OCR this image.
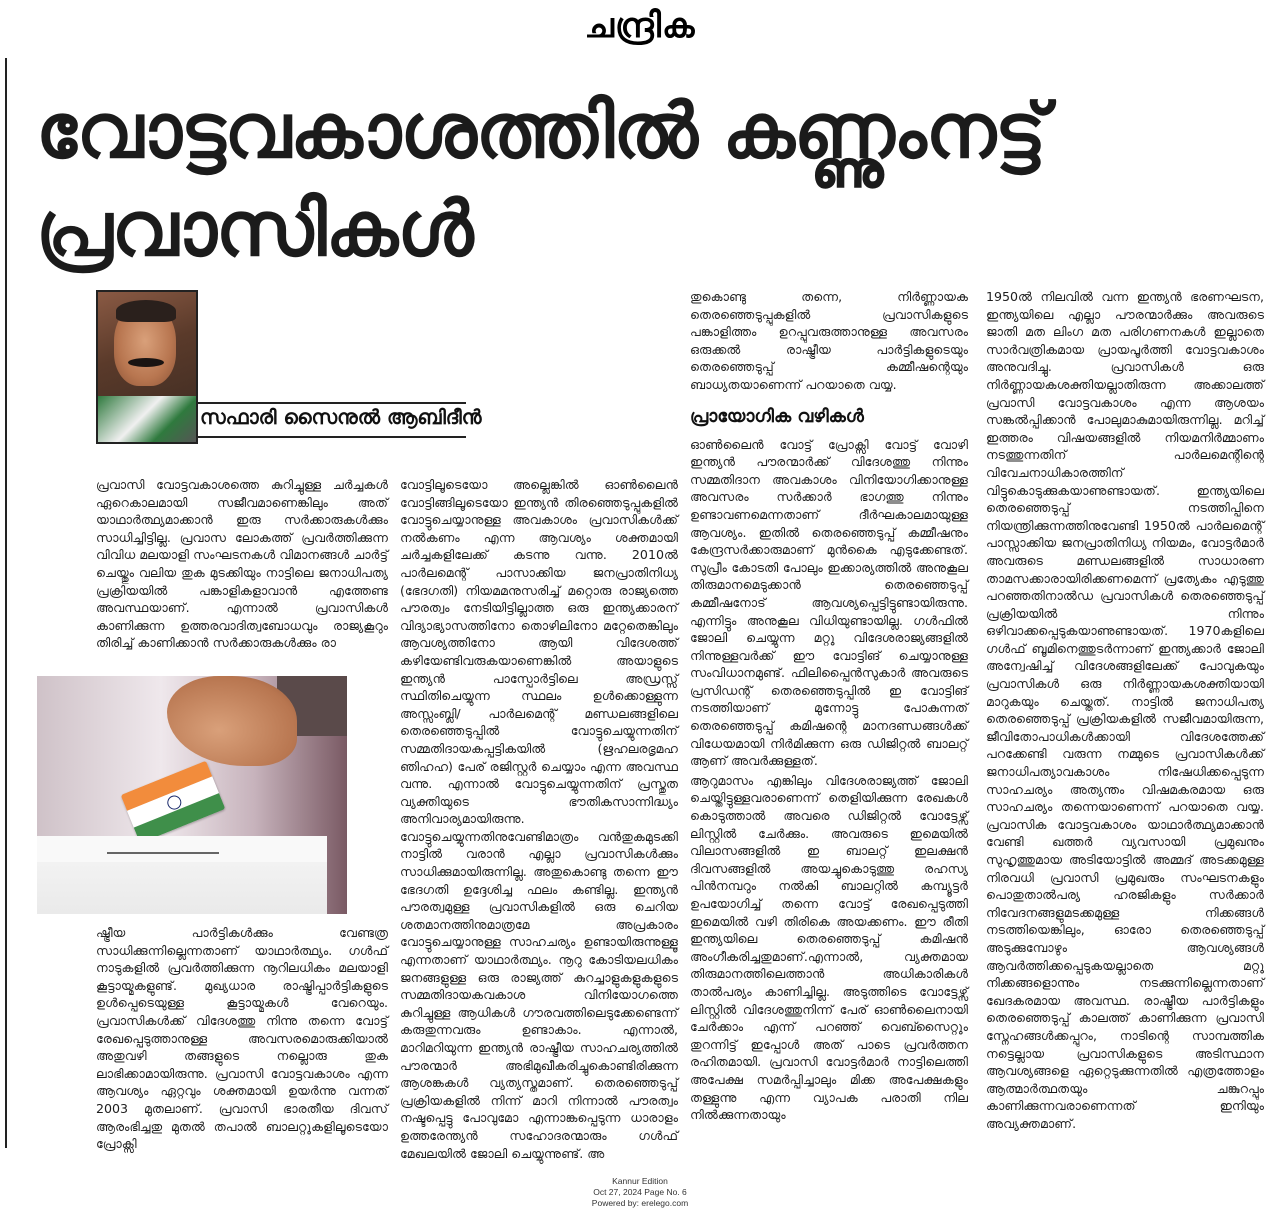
ചന്ദ്രിക
വോട്ടവകാശത്തിൽ കണ്ണുംനട്ട്
പ്രവാസികൾ
സഫാരി സൈനുൽ ആബിദീൻ

പ്രവാസി വോട്ടവകാശത്തെ കുറിച്ചുള്ള ചർച്ചകൾ ഏറെകാലമായി സജീവമാണെങ്കിലും അത് യാഥാർത്ഥ്യമാക്കാൻ ഇരു സർക്കാരുകൾക്കും സാധിച്ചിട്ടില്ല. പ്രവാസ ലോകത്ത് പ്രവർത്തിക്കുന്ന വിവിധ മലയാളി സംഘടനകൾ വിമാനങ്ങൾ ചാർട്ട് ചെയ്തും വലിയ തുക മുടക്കിയും നാട്ടിലെ ജനാധിപത്യ പ്രക്രിയയിൽ പങ്കാളികളാവാൻ എത്തേണ്ട അവസ്ഥയാണ്. എന്നാൽ പ്രവാസികൾ കാണിക്കുന്ന ഉത്തരവാദിത്വബോധവും രാജ്യകൂറും തിരിച്ച് കാണിക്കാൻ സർക്കാരുകൾക്കും രാ

ഷ്ട്രീയ പാർട്ടികൾക്കും വേണ്ടത്ര സാധിക്കുന്നില്ലെന്നതാണ് യാഥാർത്ഥ്യം. ഗൾഫ് നാടുകളിൽ പ്രവർത്തിക്കുന്ന നൂറിലധികം മലയാളി കൂട്ടായ്മകളുണ്ട്. മുഖ്യധാര രാഷ്ട്രിപ്പാർട്ടികളുടെ ഉൾപ്പെടെയുള്ള കൂട്ടായ്മകൾ വേറെയും. പ്രവാസികൾക്ക് വിദേശത്തു നിന്നു തന്നെ വോട്ട് രേഖപ്പെടുത്താനുള്ള അവസരമൊരുക്കിയാൽ അതുവഴി തങ്ങളുടെ നല്ലൊരു തുക ലാഭിക്കാമായിരുന്നു. പ്രവാസി വോട്ടവകാശം എന്ന ആവശ്യം ഏറ്റവും ശക്തമായി ഉയർന്നു വന്നത് 2003 മുതലാണ്. പ്രവാസി ഭാരതീയ ദിവസ് ആരംഭിച്ചതു മുതൽ തപാൽ ബാലറ്റുകളിലൂടെയോ പ്രോക്സി

വോട്ടിലൂടെയോ അല്ലെങ്കിൽ ഓൺലൈൻ വോട്ടിങ്ങിലൂടെയോ ഇന്ത്യൻ തിരഞ്ഞെടുപ്പുകളിൽ വോട്ടുചെയ്യാനുള്ള അവകാശം പ്രവാസികൾക്ക് നൽകണം എന്ന ആവശ്യം ശക്തമായി ചർച്ചകളിലേക്ക് കടന്നു വന്നു. 2010ൽ പാർലമെന്റ് പാസാക്കിയ ജനപ്രാതിനിധ്യ (ഭേദഗതി) നിയമമനുസരിച്ച് മറ്റൊരു രാജ്യത്തെ പൗരത്വം നേടിയിട്ടില്ലാത്ത ഒരു ഇന്ത്യക്കാരന് വിദ്യാഭ്യാസത്തിനോ തൊഴിലിനോ മറ്റേതെങ്കിലും ആവശ്യത്തിനോ ആയി വിദേശത്ത് കഴിയേണ്ടിവരുകയാണെങ്കിൽ അയാളുടെ ഇന്ത്യൻ പാസ്പോർട്ടിലെ അഡ്രസ്സ് സ്ഥിതിചെയ്യുന്ന സ്ഥലം ഉൾക്കൊള്ളുന്ന അസ്സംബ്ലി/ പാർലമെന്റ് മണ്ഡലങ്ങളിലെ തെരഞ്ഞെടുപ്പിൽ വോട്ടുചെയ്യുന്നതിന് സമ്മതിദായകപ്പട്ടികയിൽ (ഋഹലരഭൃമഹ ഞിഹഹ) പേര് രജിസ്റ്റർ ചെയ്യാം എന്ന അവസ്ഥ വന്നു. എന്നാൽ വോട്ടുചെയ്യുന്നതിന് പ്രസ്തുത വ്യക്തിയുടെ ഭൗതികസാന്നിദ്ധ്യം അനിവാര്യമായിരുന്നു. വോട്ടുചെയ്യുന്നതിനുവേണ്ടിമാത്രം വൻതുകമുടക്കി നാട്ടിൽ വരാൻ എല്ലാ പ്രവാസികൾക്കും സാധിക്കുമായിരുന്നില്ല. അതുകൊണ്ടു തന്നെ ഈ ഭേദഗതി ഉദ്ദേശിച്ച ഫലം കണ്ടില്ല. ഇന്ത്യൻ പൗരത്വമുള്ള പ്രവാസികളിൽ ഒരു ചെറിയ ശതമാനത്തിനുമാത്രമേ അപ്രകാരം വോട്ടുചെയ്യാനുള്ള സാഹചര്യം ഉണ്ടായിരുന്നുള്ളൂ എന്നതാണ് യാഥാർത്ഥ്യം. നൂറു കോടിയലധികം ജനങ്ങളുള്ള ഒരു രാജ്യത്ത് കുറച്ചാളുകളുകളുടെ സമ്മതിദായകവകാശ വിനിയോഗത്തെ കുറിച്ചുള്ള ആധികൾ ഗൗരവത്തിലെടുക്കേണ്ടെന്ന് കരുതുന്നവരും ഉണ്ടാകാം. എന്നാൽ, മാറിമറിയുന്ന ഇന്ത്യൻ രാഷ്ട്രീയ സാഹചര്യത്തിൽ പൗരന്മാർ അഭിമുഖീകരിച്ചുകൊണ്ടിരിക്കുന്ന ആശങ്കകൾ വ്യത്യസ്തമാണ്. തെരഞ്ഞെടുപ്പ് പ്രക്രിയകളിൽ നിന്ന് മാറി നിന്നാൽ പൗരത്വം നഷ്ടപ്പെട്ടു പോവുമോ എന്നാങ്കപ്പെടുന്ന ധാരാളം ഉത്തരേന്ത്യൻ സഹോദരന്മാരും ഗൾഫ് മേഖലയിൽ ജോലി ചെയ്യുന്നുണ്ട്. അ

തുകൊണ്ടു തന്നെ, നിർണ്ണായക തെരഞ്ഞെടുപ്പുകളിൽ പ്രവാസികളുടെ പങ്കാളിത്തം ഉറപ്പുവരുത്താനുള്ള അവസരം ഒരുക്കൽ രാഷ്ട്രീയ പാർട്ടികളുടെയും തെരഞ്ഞെടുപ്പ് കമ്മീഷന്റെയും ബാധ്യതയാണെന്ന് പറയാതെ വയ്യ.

പ്രായോഗിക വഴികൾ

ഓൺലൈൻ വോട്ട് പ്രോക്സി വോട്ട് വോഴി ഇന്ത്യൻ പൗരന്മാർക്ക് വിദേശത്തു നിന്നും സമ്മതിദാന അവകാശം വിനിയോഗിക്കാനുള്ള അവസരം സർക്കാർ ഭാഗത്തു നിന്നും ഉണ്ടാവണമെന്നതാണ് ദീർഘകാലമായുള്ള ആവശ്യം. ഇതിൽ തെരഞ്ഞെടുപ്പ് കമ്മീഷനും കേന്ദ്രസർക്കാരുമാണ് മുൻകൈ എടുക്കേണ്ടത്. സുപ്രീം കോടതി പോലും ഇക്കാര്യത്തിൽ അനുകൂല തിരുമാനമെടുക്കാൻ തെരഞ്ഞെടുപ്പ് കമ്മീഷനോട് ആവശ്യപ്പെട്ടിട്ടുണ്ടായിരുന്നു. എന്നിട്ടും അനുകൂല വിധിയുണ്ടായില്ല. ഗൾഫിൽ ജോലി ചെയ്യുന്ന മറ്റു വിദേശരാജ്യങ്ങളിൽ നിന്നുള്ളവർക്ക് ഈ വോട്ടിങ് ചെയ്യാനുള്ള സംവിധാനമുണ്ട്. ഫിലിപ്പൈൻസുകാർ അവരുടെ പ്രസിഡന്റ് തെരഞ്ഞെടുപ്പിൽ ഇ വോട്ടിങ് നടത്തിയാണ് മുന്നോട്ടു പോകുന്നത് തെരഞ്ഞെടുപ്പ് കമിഷന്റെ മാനദണ്ഡങ്ങൾക്ക് വിധേയമായി നിർമിക്കുന്ന ഒരു ഡിജിറ്റൽ ബാലറ്റ് ആണ് അവർക്കുള്ളത്.

ആറുമാസം എങ്കിലും വിദേശരാജ്യത്ത് ജോലി ചെയ്തിട്ടുള്ളവരാണെന്ന് തെളിയിക്കുന്ന രേഖകൾ കൊടുത്താൽ അവരെ ഡിജിറ്റൽ വോട്ടേഴ്സ് ലിസ്റ്റിൽ ചേർക്കും. അവരുടെ ഇമെയിൽ വിലാസങ്ങളിൽ ഇ ബാലറ്റ് ഇലക്ഷൻ ദിവസങ്ങളിൽ അയച്ചുകൊടുത്തു രഹസ്യ പിൻനമ്പറും നൽകി ബാലറ്റിൽ കമ്പ്യൂട്ടർ ഉപയോഗിച്ച് തന്നെ വോട്ട് രേഖപ്പെടുത്തി ഇമെയിൽ വഴി തിരികെ അയക്കണം. ഈ രീതി ഇന്ത്യയിലെ തെരഞ്ഞെടുപ്പ് കമിഷൻ അംഗീകരിച്ചതുമാണ്.എന്നാൽ, വ്യക്തമായ തിരുമാനത്തിലെത്താൻ അധികാരികൾ താൽപര്യം കാണിച്ചില്ല. അടുത്തിടെ വോട്ടേഴ്സ് ലിസ്റ്റിൽ വിദേശത്തുനിന്ന് പേര് ഓൺലൈനായി ചേർക്കാം എന്ന് പറഞ്ഞ് വെബ്സൈറ്റും തുറന്നിട്ട് ഇപ്പോൾ അത് പാടെ പ്രവർത്തന രഹിതമായി. പ്രവാസി വോട്ടർമാർ നാട്ടിലെത്തി അപേക്ഷ സമർപ്പിച്ചാലും മിക്ക അപേക്ഷകളും തള്ളുന്നു എന്ന വ്യാപക പരാതി നില നിൽക്കുന്നതായും

1950ൽ നിലവിൽ വന്ന ഇന്ത്യൻ ഭരണഘടന, ഇന്ത്യയിലെ എല്ലാ പൗരന്മാർക്കും അവരുടെ ജാതി മത ലിംഗ മത പരിഗണനകൾ ഇല്ലാതെ സാർവത്രികമായ പ്രായപൂർത്തി വോട്ടവകാശം അനുവദിച്ചു. പ്രവാസികൾ ഒരു നിർണ്ണായകശക്തിയല്ലാതിരുന്ന അക്കാലത്ത് പ്രവാസി വോട്ടവകാശം എന്ന ആശയം സങ്കൽപ്പിക്കാൻ പോലുമാകുമായിരുന്നില്ല. മറിച്ച് ഇത്തരം വിഷയങ്ങളിൽ നിയമനിർമ്മാണം നടത്തുന്നതിന് പാർലമെന്റിന്റെ വിവേചനാധികാരത്തിന് വിട്ടുകൊടുക്കുകയാണുണ്ടായത്. ഇന്ത്യയിലെ തെരഞ്ഞെടുപ്പ് നടത്തിപ്പിനെ നിയന്ത്രിക്കുന്നത്തിനുവേണ്ടി 1950ൽ പാർലമെന്റ് പാസ്സാക്കിയ ജനപ്രാതിനിധ്യ നിയമം, വോട്ടർമാർ അവരുടെ മണ്ഡലങ്ങളിൽ സാധാരണ താമസക്കാരായിരിക്കണമെന്ന് പ്രത്യേകം എടുത്തു പറഞ്ഞതിനാൽഡ പ്രവാസികൾ തെരഞ്ഞെടുപ്പ് പ്രക്രിയയിൽ നിന്നും ഒഴിവാക്കപ്പെടുകയാണുണ്ടായത്. 1970കളിലെ ഗൾഫ് ബൂമിനെത്തുടർന്നാണ് ഇന്ത്യക്കാർ ജോലി അന്വേഷിച്ച് വിദേശങ്ങളിലേക്ക് പോവുകയും പ്രവാസികൾ ഒരു നിർണ്ണായകശക്തിയായി മാറുകയും ചെയ്തത്. നാട്ടിൽ ജനാധിപത്യ തെരഞ്ഞെടുപ്പ് പ്രക്രിയകളിൽ സജീവമായിരുന്ന, ജീവിതോപാധികൾക്കായി വിദേശത്തേക്ക് പറക്കേണ്ടി വരുന്ന നമ്മുടെ പ്രവാസികൾക്ക് ജനാധിപത്യാവകാശം നിഷേധിക്കപ്പെടുന്ന സാഹചര്യം അത്യന്തം വിഷമകരമായ ഒരു സാഹചര്യം തന്നെയാണെന്ന് പറയാതെ വയ്യ. പ്രവാസിക വോട്ടവകാശം യാഥാർത്ഥ്യമാക്കാൻ വേണ്ടി ഖത്തർ വ്യവസായി പ്രമുഖനും സുഹൃത്തുമായ അടിയോട്ടിൽ അമ്മദ് അടക്കമുള്ള നിരവധി പ്രവാസി പ്രമുഖരും സംഘടനകളും പൊതുതാൽപര്യ ഹരജികളും സർക്കാർ നിവേദനങ്ങളുമടക്കമുള്ള നിക്കങ്ങൾ നടത്തിയെങ്കിലും, ഓരോ തെരഞ്ഞെടുപ്പ് അടുക്കുമ്പോഴും ആവശ്യങ്ങൾ ആവർത്തിക്കപ്പെടുകയല്ലാതെ മറ്റു നിക്കങ്ങളൊന്നും നടക്കുന്നില്ലെന്നതാണ് ഖേദകരമായ അവസ്ഥ. രാഷ്ട്രീയ പാർട്ടികളും തെരഞ്ഞെടുപ്പ് കാലത്ത് കാണിക്കുന്ന പ്രവാസി സ്നേഹങ്ങൾക്കപ്പുറം, നാടിന്റെ സാമ്പത്തിക നട്ടെല്ലായ പ്രവാസികളുടെ അടിസ്ഥാന ആവശ്യങ്ങളെ ഏറ്റെടുക്കുന്നതിൽ എത്രത്തോളം ആത്മാർത്ഥതയും ചങ്കുറപ്പും കാണിക്കുന്നവരാണെന്നത് ഇനിയും അവ്യക്തമാണ്.

Kannur Edition
Oct 27, 2024 Page No. 6
Powered by: erelego.com
